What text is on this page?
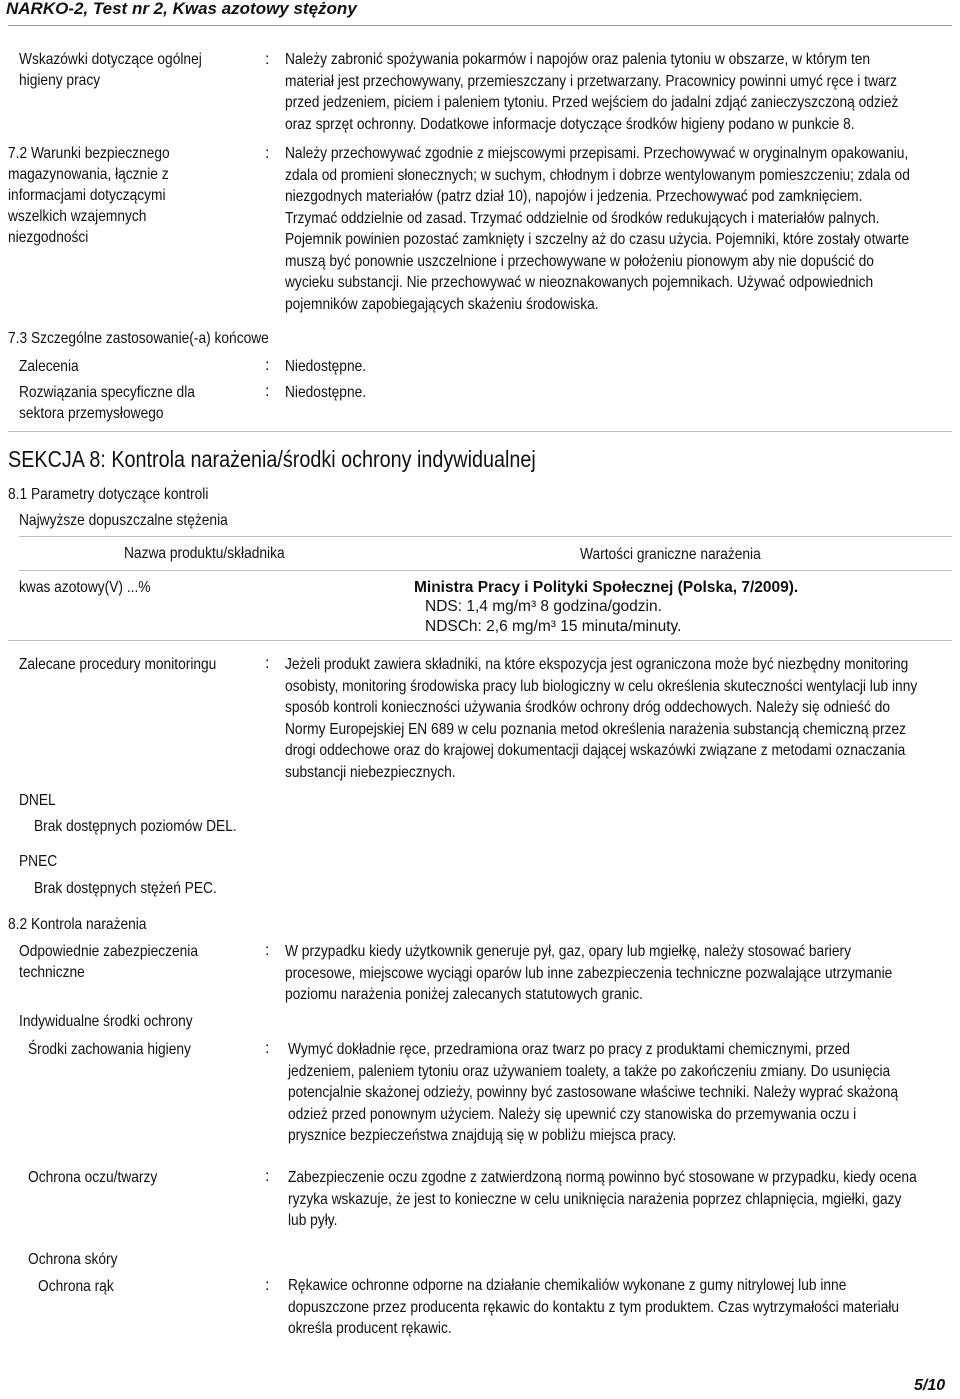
NARKO-2, Test nr 2, Kwas azotowy stężony
Wskazówki dotyczące ogólnej
higieny pracy
: Należy zabronić spożywania pokarmów i napojów oraz palenia tytoniu w obszarze, w którym ten
materiał jest przechowywany, przemieszczany i przetwarzany. Pracownicy powinni umyć ręce i twarz
przed jedzeniem, piciem i paleniem tytoniu. Przed wejściem do jadalni zdjąć zanieczyszczoną odzież
oraz sprzęt ochronny. Dodatkowe informacje dotyczące środków higieny podano w punkcie 8.
7.2 Warunki bezpiecznego
magazynowania, łącznie z
informacjami dotyczącymi
wszelkich wzajemnych
niezgodności
: Należy przechowywać zgodnie z miejscowymi przepisami. Przechowywać w oryginalnym opakowaniu,
zdala od promieni słonecznych; w suchym, chłodnym i dobrze wentylowanym pomieszczeniu; zdala od
niezgodnych materiałów (patrz dział 10), napojów i jedzenia. Przechowywać pod zamknięciem.
Trzymać oddzielnie od zasad. Trzymać oddzielnie od środków redukujących i materiałów palnych.
Pojemnik powinien pozostać zamknięty i szczelny aż do czasu użycia. Pojemniki, które zostały otwarte
muszą być ponownie uszczelnione i przechowywane w położeniu pionowym aby nie dopuścić do
wycieku substancji. Nie przechowywać w nieoznakowanych pojemnikach. Używać odpowiednich
pojemników zapobiegających skażeniu środowiska.
7.3 Szczególne zastosowanie(-a) końcowe
Zalecenia	: Niedostępne.
Rozwiązania specyficzne dla
sektora przemysłowego
: Niedostępne.
SEKCJA 8: Kontrola narażenia/środki ochrony indywidualnej
8.1 Parametry dotyczące kontroli
Najwyższe dopuszczalne stężenia
Nazwa produktu/składnika	Wartości graniczne narażenia
kwas azotowy(V) ...%	Ministra Pracy i Polityki Społecznej (Polska, 7/2009).
NDS: 1,4 mg/m³ 8 godzina/godzin.
NDSCh: 2,6 mg/m³ 15 minuta/minuty.
Zalecane procedury monitoringu	: Jeżeli produkt zawiera składniki, na które ekspozycja jest ograniczona może być niezbędny monitoring
osobisty, monitoring środowiska pracy lub biologiczny w celu określenia skuteczności wentylacji lub inny
sposób kontroli konieczności używania środków ochrony dróg oddechowych. Należy się odnieść do
Normy Europejskiej EN 689 w celu poznania metod określenia narażenia substancją chemiczną przez
drogi oddechowe oraz do krajowej dokumentacji dającej wskazówki związane z metodami oznaczania
substancji niebezpiecznych.
DNEL
Brak dostępnych poziomów DEL.
PNEC
Brak dostępnych stężeń PEC.
8.2 Kontrola narażenia
Odpowiednie zabezpieczenia
techniczne
: W przypadku kiedy użytkownik generuje pył, gaz, opary lub mgiełkę, należy stosować bariery
procesowe, miejscowe wyciągi oparów lub inne zabezpieczenia techniczne pozwalające utrzymanie
poziomu narażenia poniżej zalecanych statutowych granic.
Indywidualne środki ochrony
Środki zachowania higieny	: Wymyć dokładnie ręce, przedramiona oraz twarz po pracy z produktami chemicznymi, przed
jedzeniem, paleniem tytoniu oraz używaniem toalety, a także po zakończeniu zmiany. Do usunięcia
potencjalnie skażonej odzieży, powinny być zastosowane właściwe techniki. Należy wyprać skażoną
odzież przed ponownym użyciem. Należy się upewnić czy stanowiska do przemywania oczu i
prysznice bezpieczeństwa znajdują się w pobliżu miejsca pracy.
Ochrona oczu/twarzy	: Zabezpieczenie oczu zgodne z zatwierdzoną normą powinno być stosowane w przypadku, kiedy ocena
ryzyka wskazuje, że jest to konieczne w celu uniknięcia narażenia poprzez chlapnięcia, mgiełki, gazy
lub pyły.
Ochrona skóry
Ochrona rąk	: Rękawice ochronne odporne na działanie chemikaliów wykonane z gumy nitrylowej lub inne
dopuszczone przez producenta rękawic do kontaktu z tym produktem. Czas wytrzymałości materiału
określa producent rękawic.
5/10
